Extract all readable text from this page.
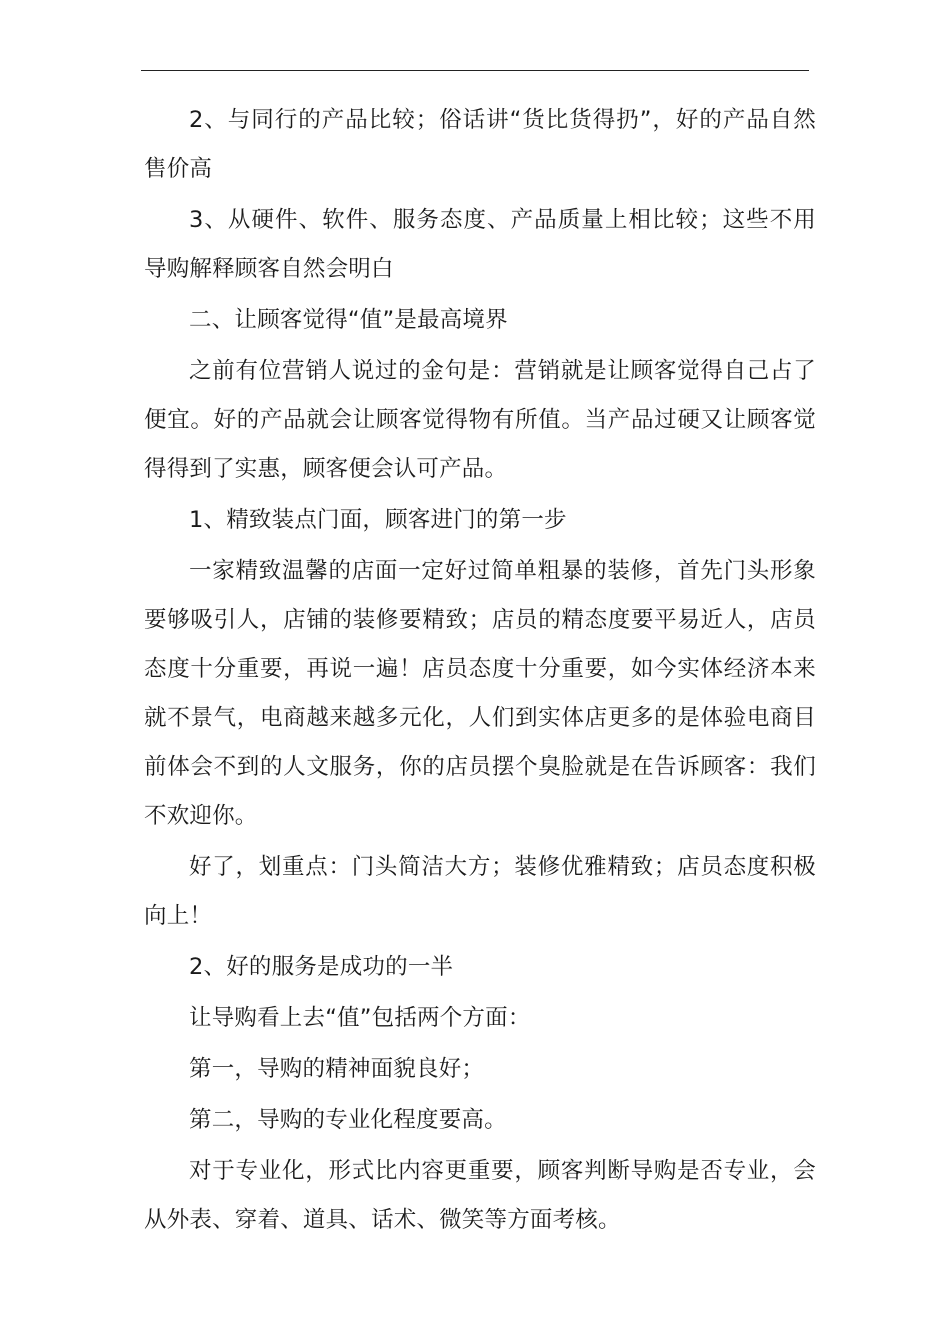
2、与同行的产品比较；俗话讲“货比货得扔”，好的产品自然售价高

3、从硬件、软件、服务态度、产品质量上相比较；这些不用导购解释顾客自然会明白

二、让顾客觉得“值”是最高境界

之前有位营销人说过的金句是：营销就是让顾客觉得自己占了便宜。好的产品就会让顾客觉得物有所值。当产品过硬又让顾客觉得得到了实惠，顾客便会认可产品。

1、精致装点门面，顾客进门的第一步

一家精致温馨的店面一定好过简单粗暴的装修，首先门头形象要够吸引人，店铺的装修要精致；店员的精态度要平易近人，店员态度十分重要，再说一遍！店员态度十分重要，如今实体经济本来就不景气，电商越来越多元化，人们到实体店更多的是体验电商目前体会不到的人文服务，你的店员摆个臭脸就是在告诉顾客：我们不欢迎你。

好了，划重点：门头简洁大方；装修优雅精致；店员态度积极向上！

2、好的服务是成功的一半

让导购看上去“值”包括两个方面：

第一，导购的精神面貌良好；

第二，导购的专业化程度要高。

对于专业化，形式比内容更重要，顾客判断导购是否专业，会从外表、穿着、道具、话术、微笑等方面考核。
